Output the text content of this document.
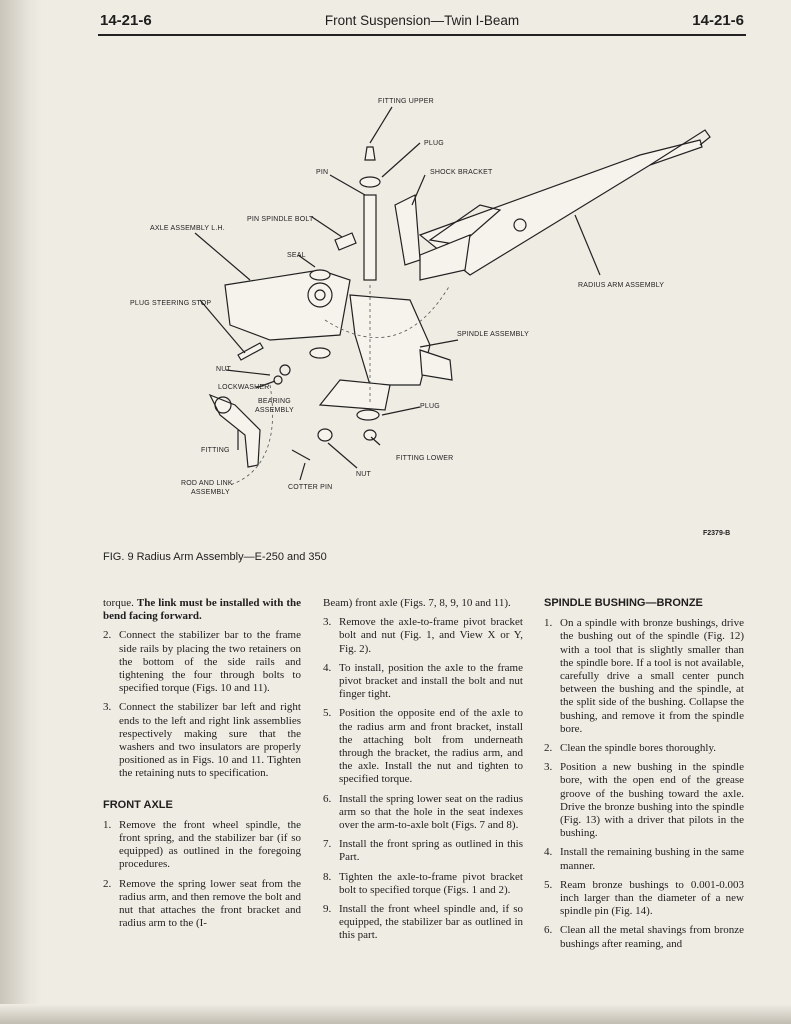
14-21-6	Front Suspension—Twin I-Beam	14-21-6
FITTING UPPER
PLUG
PIN	SHOCK BRACKET
PIN SPINDLE BOLT
AXLE ASSEMBLY L.H.
SEAL
RADIUS ARM ASSEMBLY
PLUG STEERING STOP
SPINDLE ASSEMBLY
NUT
LOCKWASHER
BEARING
ASSEMBLY
PLUG
FITTING
FITTING LOWER
NUT
ROD AND LINK
ASSEMBLY
COTTER PIN
F2379-B
FIG. 9 Radius Arm Assembly—E-250 and 350

torque. The link must be installed with the bend facing forward.

2. Connect the stabilizer bar to the frame side rails by placing the two retainers on the bottom of the side rails and tightening the four through bolts to specified torque (Figs. 10 and 11).
3. Connect the stabilizer bar left and right ends to the left and right link assemblies respectively making sure that the washers and two insulators are properly positioned as in Figs. 10 and 11. Tighten the retaining nuts to specification.
FRONT AXLE
1. Remove the front wheel spindle, the front spring, and the stabilizer bar (if so equipped) as outlined in the foregoing procedures.
2. Remove the spring lower seat from the radius arm, and then remove the bolt and nut that attaches the front bracket and radius arm to the (I-

Beam) front axle (Figs. 7, 8, 9, 10 and 11).

3. Remove the axle-to-frame pivot bracket bolt and nut (Fig. 1, and View X or Y, Fig. 2).
4. To install, position the axle to the frame pivot bracket and install the bolt and nut finger tight.
5. Position the opposite end of the axle to the radius arm and front bracket, install the attaching bolt from underneath through the bracket, the radius arm, and the axle. Install the nut and tighten to specified torque.
6. Install the spring lower seat on the radius arm so that the hole in the seat indexes over the arm-to-axle bolt (Figs. 7 and 8).
7. Install the front spring as outlined in this Part.
8. Tighten the axle-to-frame pivot bracket bolt to specified torque (Figs. 1 and 2).
9. Install the front wheel spindle and, if so equipped, the stabilizer bar as outlined in this part.
SPINDLE BUSHING—BRONZE
1. On a spindle with bronze bushings, drive the bushing out of the spindle (Fig. 12) with a tool that is slightly smaller than the spindle bore. If a tool is not available, carefully drive a small center punch between the bushing and the spindle, at the split side of the bushing. Collapse the bushing, and remove it from the spindle bore.
2. Clean the spindle bores thoroughly.
3. Position a new bushing in the spindle bore, with the open end of the grease groove of the bushing toward the axle. Drive the bronze bushing into the spindle (Fig. 13) with a driver that pilots in the bushing.
4. Install the remaining bushing in the same manner.
5. Ream bronze bushings to 0.001-0.003 inch larger than the diameter of a new spindle pin (Fig. 14).
6. Clean all the metal shavings from bronze bushings after reaming, and
